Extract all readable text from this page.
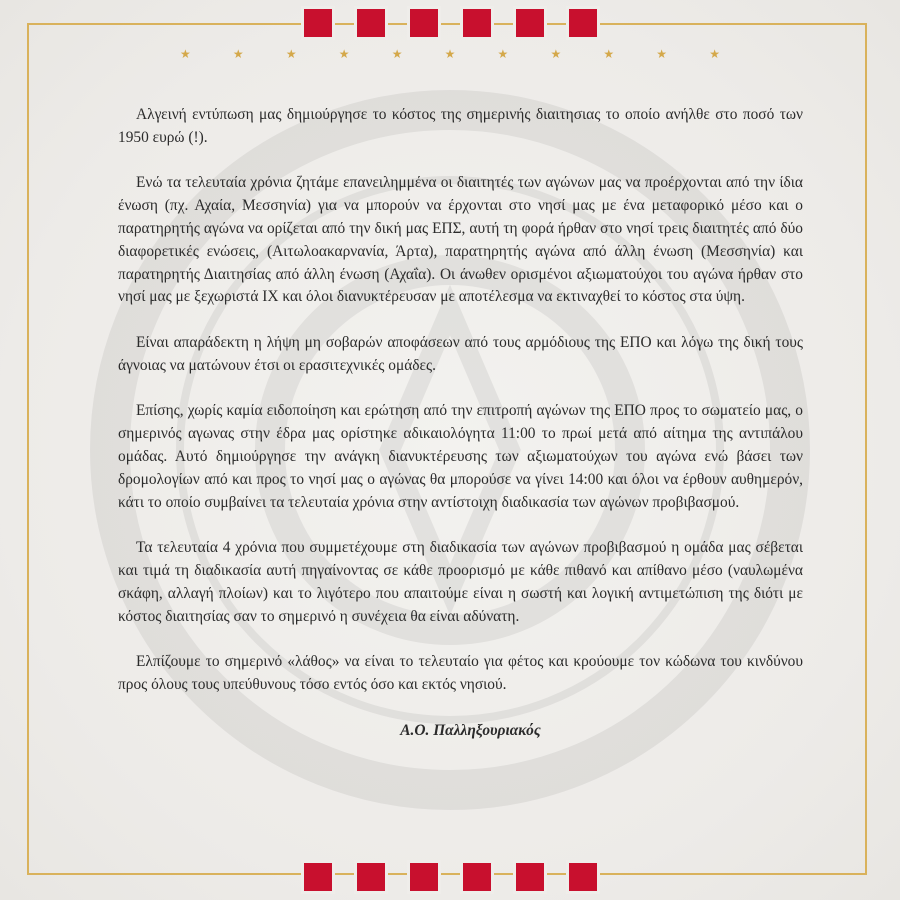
★	★	★	★	★	★	★	★	★	★	★

Αλγεινή εντύπωση μας δημιούργησε το κόστος της σημερινής διαιτησιας το οποίο ανήλθε στο ποσό των 1950 ευρώ (!).

Ενώ τα τελευταία χρόνια ζητάμε επανειλημμένα οι διαιτητές των αγώνων μας να προέρχονται από την ίδια ένωση (πχ. Αχαία, Μεσσηνία) για να μπορούν να έρχονται στο νησί μας με ένα μεταφορικό μέσο και ο παρατηρητής αγώνα να ορίζεται από την δική μας ΕΠΣ, αυτή τη φορά ήρθαν στο νησί τρεις διαιτητές από δύο διαφορετικές ενώσεις, (Αιτωλοακαρνανία, Άρτα), παρατηρητής αγώνα από άλλη ένωση (Μεσσηνία) και παρατηρητής Διαιτησίας από άλλη ένωση (Αχαΐα). Οι άνωθεν ορισμένοι αξιωματούχοι του αγώνα ήρθαν στο νησί μας με ξεχωριστά ΙΧ και όλοι διανυκτέρευσαν με αποτέλεσμα να εκτιναχθεί το κόστος στα ύψη.

Είναι απαράδεκτη η λήψη μη σοβαρών αποφάσεων από τους αρμόδιους της ΕΠΟ και λόγω της δική τους άγνοιας να ματώνουν έτσι οι ερασιτεχνικές ομάδες.

Επίσης, χωρίς καμία ειδοποίηση και ερώτηση από την επιτροπή αγώνων της ΕΠΟ προς το σωματείο μας, ο σημερινός αγωνας στην έδρα μας ορίστηκε αδικαιολόγητα 11:00 το πρωί μετά από αίτημα της αντιπάλου ομάδας. Αυτό δημιούργησε την ανάγκη διανυκτέρευσης των αξιωματούχων του αγώνα ενώ βάσει των δρομολογίων από και προς το νησί μας ο αγώνας θα μπορούσε να γίνει 14:00 και όλοι να έρθουν αυθημερόν, κάτι το οποίο συμβαίνει τα τελευταία χρόνια στην αντίστοιχη διαδικασία των αγώνων προβιβασμού.

Τα τελευταία 4 χρόνια που συμμετέχουμε στη διαδικασία των αγώνων προβιβασμού η ομάδα μας σέβεται και τιμά τη διαδικασία αυτή πηγαίνοντας σε κάθε προορισμό με κάθε πιθανό και απίθανο μέσο (ναυλωμένα σκάφη, αλλαγή πλοίων) και το λιγότερο που απαιτούμε είναι η σωστή και λογική αντιμετώπιση της διότι με κόστος διαιτησίας σαν το σημερινό η συνέχεια θα είναι αδύνατη.

Ελπίζουμε το σημερινό «λάθος» να είναι το τελευταίο για φέτος και κρούουμε τον κώδωνα του κινδύνου προς όλους τους υπεύθυνους τόσο εντός όσο και εκτός νησιού.

Α.Ο. Παλληξουριακός
